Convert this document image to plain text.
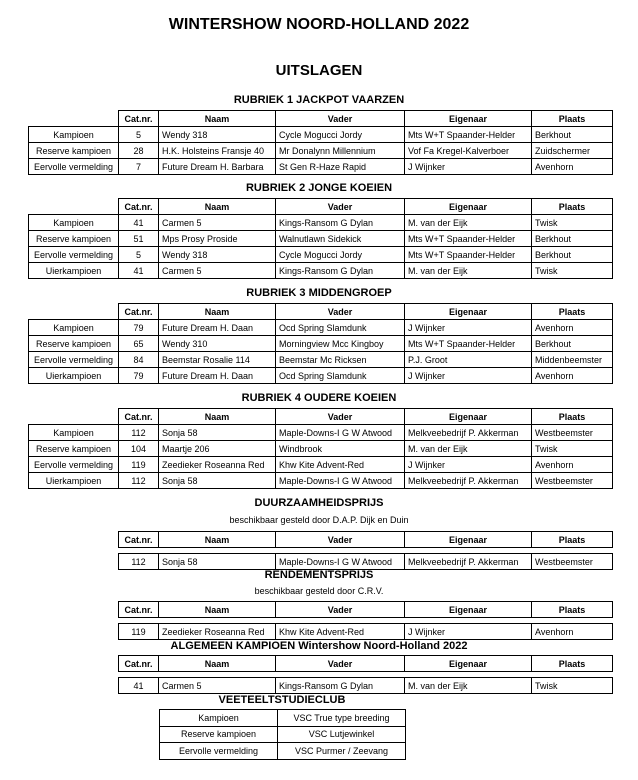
WINTERSHOW NOORD-HOLLAND 2022
UITSLAGEN
RUBRIEK 1 JACKPOT VAARZEN
	Cat.nr.	Naam	Vader	Eigenaar	Plaats
Kampioen	5	Wendy 318	Cycle Mogucci Jordy	Mts W+T Spaander-Helder	Berkhout
Reserve kampioen	28	H.K. Holsteins Fransje 40	Mr Donalynn Millennium	Vof Fa Kregel-Kalverboer	Zuidschermer
Eervolle vermelding	7	Future Dream H. Barbara	St Gen R-Haze Rapid	J Wijnker	Avenhorn
RUBRIEK 2 JONGE KOEIEN
	Cat.nr.	Naam	Vader	Eigenaar	Plaats
Kampioen	41	Carmen 5	Kings-Ransom G Dylan	M. van der Eijk	Twisk
Reserve kampioen	51	Mps Prosy Proside	Walnutlawn Sidekick	Mts W+T Spaander-Helder	Berkhout
Eervolle vermelding	5	Wendy 318	Cycle Mogucci Jordy	Mts W+T Spaander-Helder	Berkhout
Uierkampioen	41	Carmen 5	Kings-Ransom G Dylan	M. van der Eijk	Twisk
RUBRIEK 3 MIDDENGROEP
	Cat.nr.	Naam	Vader	Eigenaar	Plaats
Kampioen	79	Future Dream H. Daan	Ocd Spring Slamdunk	J Wijnker	Avenhorn
Reserve kampioen	65	Wendy 310	Morningview Mcc Kingboy	Mts W+T Spaander-Helder	Berkhout
Eervolle vermelding	84	Beemstar Rosalie 114	Beemstar Mc Ricksen	P.J. Groot	Middenbeemster
Uierkampioen	79	Future Dream H. Daan	Ocd Spring Slamdunk	J Wijnker	Avenhorn
RUBRIEK 4 OUDERE KOEIEN
	Cat.nr.	Naam	Vader	Eigenaar	Plaats
Kampioen	112	Sonja 58	Maple-Downs-I G W Atwood	Melkveebedrijf P. Akkerman	Westbeemster
Reserve kampioen	104	Maartje 206	Windbrook	M. van der Eijk	Twisk
Eervolle vermelding	119	Zeedieker Roseanna Red	Khw Kite Advent-Red	J Wijnker	Avenhorn
Uierkampioen	112	Sonja 58	Maple-Downs-I G W Atwood	Melkveebedrijf P. Akkerman	Westbeemster
DUURZAAMHEIDSPRIJS
beschikbaar gesteld door D.A.P. Dijk en Duin
Cat.nr.	Naam	Vader	Eigenaar	Plaats

112	Sonja 58	Maple-Downs-I G W Atwood	Melkveebedrijf P. Akkerman	Westbeemster
RENDEMENTSPRIJS
beschikbaar gesteld door C.R.V.
Cat.nr.	Naam	Vader	Eigenaar	Plaats

119	Zeedieker Roseanna Red	Khw Kite Advent-Red	J Wijnker	Avenhorn
ALGEMEEN KAMPIOEN Wintershow Noord-Holland 2022
Cat.nr.	Naam	Vader	Eigenaar	Plaats

41	Carmen 5	Kings-Ransom G Dylan	M. van der Eijk	Twisk
VEETEELTSTUDIECLUB
Kampioen	VSC True type breeding
Reserve kampioen	VSC Lutjewinkel
Eervolle vermelding	VSC Purmer / Zeevang
